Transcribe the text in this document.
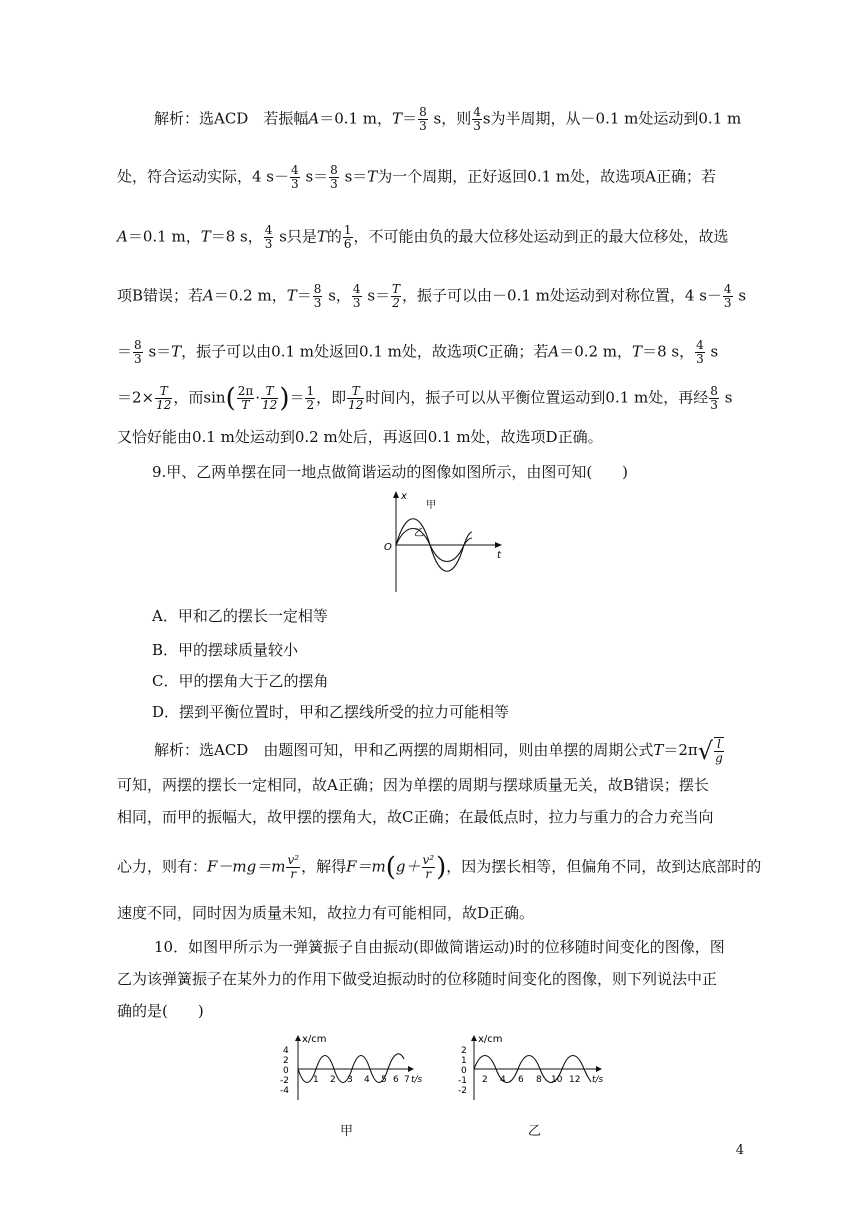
解析：选ACD　若振幅A＝0.1 m，$T= \frac{8}{3}$ s，则 $\frac{4}{3}$ s为半周期，从－0.1 m处运动到0.1 m
处，符合运动实际，4 $s- \frac{4}{3} s= \frac{8}{3} s=T$为一个周期，正好返回0.1 m处，故选项A正确；若
A＝0.1 m，T＝8 s， $\frac{4}{3}$ s只是T的 $\frac{1}{6}$ ，不可能由负的最大位移处运动到正的最大位移处，故选
项B错误；若A＝0.2 m，$T= \frac{8}{3}$ s， $\frac{4}{3} s= \frac{T}{2}$ ，振子可以由－0.1 m处运动到对称位置，4 $s- \frac{4}{3}$ s
＝ $\frac{8}{3} s=T$，振子可以由0.1 m处返回0.1 m处，故选项C正确；若A＝0.2 m，T＝8 s， $\frac{4}{3}$ s
$=2\times \frac{T}{12}$ ，而$\sin( \frac{2\pi}{T} \cdot \frac{T}{12}$ )＝ $\frac{1}{2}$ ，即 $\frac{T}{12}$ 时间内，振子可以从平衡位置运动到0.1 m处，再经 $\frac{8}{3}$ s
又恰好能由0.1 m处运动到0.2 m处后，再返回0.1 m处，故选项D正确。
9.甲、乙两单摆在同一地点做简谐运动的图像如图所示，由图可知(　　)
x
t
O
甲
乙
A．甲和乙的摆长一定相等
B．甲的摆球质量较小
C．甲的摆角大于乙的摆角
D．摆到平衡位置时，甲和乙摆线所受的拉力可能相等
解析：选ACD　由题图可知，甲和乙两摆的周期相同，则由单摆的周期公式$T=2\pi√ \frac{l}{g}$
可知，两摆的摆长一定相同，故A正确；因为单摆的周期与摆球质量无关，故B错误；摆长
相同，而甲的振幅大，故甲摆的摆角大，故C正确；在最低点时，拉力与重力的合力充当向
心力，则有：$F-mg=m \frac{\text{v²}}{r}$ ，解得$F=m(g+ \frac{\text{v²}}{r}$ )，因为摆长相等，但偏角不同，故到达底部时的
速度不同，同时因为质量未知，故拉力有可能相同，故D正确。
10．如图甲所示为一弹簧振子自由振动(即做简谐运动)时的位移随时间变化的图像，图
乙为该弹簧振子在某外力的作用下做受迫振动时的位移随时间变化的图像，则下列说法中正
确的是(　　)
x/cm
4
2
0
-2
-4
1 2 3 4 5 6 7 t/s
甲
x/cm
2
1
0
-1
-2
2 4 6 8 10 12 t/s
乙
4
